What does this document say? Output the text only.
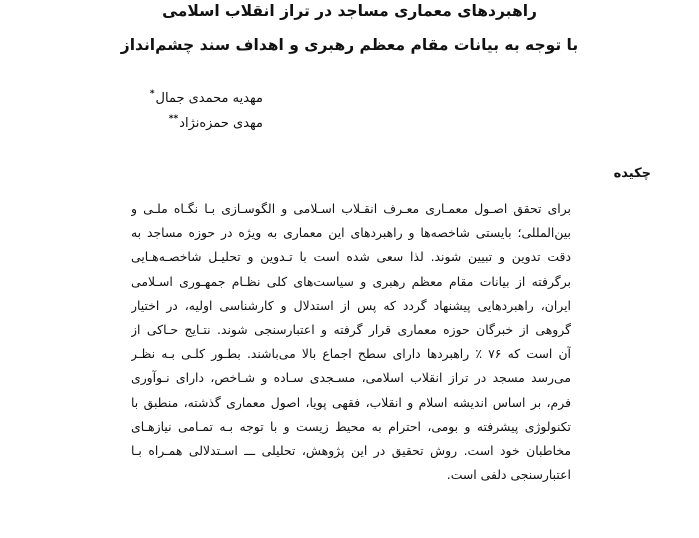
راهبردهای معماری مساجد در تراز انقلاب اسلامی
با توجه به بیانات مقام معظم رهبری و اهداف سند چشم‌انداز
مهدیه محمدی جمال*
مهدی حمزه‌نژاد**
چکیده
برای تحقق اصـول معمـاری معـرف انقـلاب اسـلامی و الگوسـازی بـا نگـاه ملـی و
بین‌المللی؛ بایستی شاخصه‌ها و راهبردهای این معماری به ویژه در حوزه مساجد به
دقت تدوین و تبیین شوند. لذا سعی شده است با تـدوین و تحلیـل شاخصـه‌هـایی
برگرفته از بیانات مقام معظم رهبری و سیاست‌های کلی نظـام جمهـوری اسـلامی
ایران، راهبردهایی پیشنهاد گردد که پس از استدلال و کارشناسی اولیه، در اختیار
گروهی از خبرگان حوزه معماری قرار گرفته و اعتبارسنجی شوند. نتـایج حـاکی از
آن است که ۷۶ ٪ راهبردها دارای سطح اجماع بالا می‌باشند. بطـور کلـی بـه نظـر
می‌رسد مسجد در تراز انقلاب اسلامی، مسـجدی سـاده و شـاخص، دارای نـوآوری
فرم، بر اساس اندیشه اسلام و انقلاب، فقهی پویا، اصول معماری گذشته، منطبق با
تکنولوژی پیشرفته و بومی، احترام به محیط زیست و با توجه بـه تمـامی نیازهـای
مخاطبان خود است. روش تحقیق در این پژوهش، تحلیلی ـــ اسـتدلالی همـراه بـا
اعتبارسنجی دلفی است.
